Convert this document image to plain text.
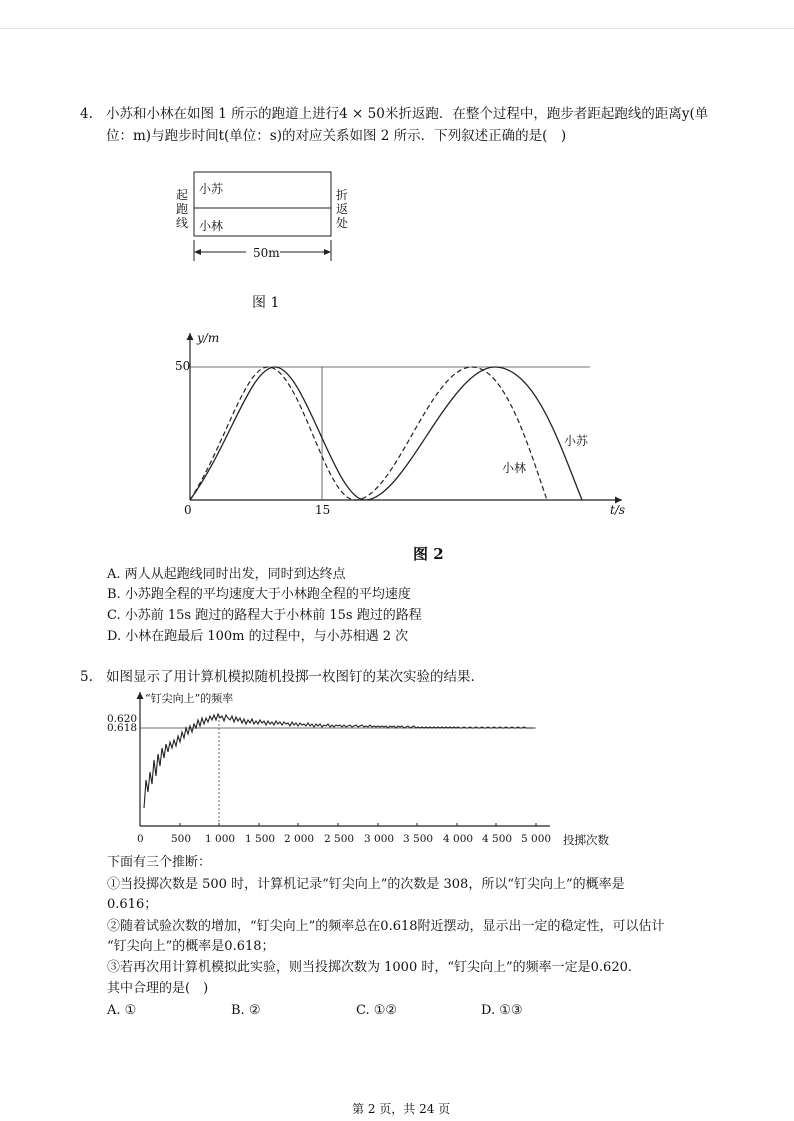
4. 小苏和小林在如图 1 所示的跑道上进行4 × 50米折返跑．在整个过程中，跑步者距起跑线的距离y(单
位：m)与跑步时间t(单位：s)的对应关系如图 2 所示．下列叙述正确的是(　)
起跑线
折返处
小苏
小林
50m
图 1
y/m
50
0	15	t/s
小苏
小林
图 2
A. 两人从起跑线同时出发，同时到达终点
B. 小苏跑全程的平均速度大于小林跑全程的平均速度
C. 小苏前 15s 跑过的路程大于小林前 15s 跑过的路程
D. 小林在跑最后 100m 的过程中，与小苏相遇 2 次
5. 如图显示了用计算机模拟随机投掷一枚图钉的某次实验的结果.
“钉尖向上”的频率
0.620
0.618
0	500 1 000 1 500 2 000 2 500 3 000 3 500 4 000 4 500 5 000 投掷次数
下面有三个推断：
①当投掷次数是 500 时，计算机记录“钉尖向上”的次数是 308，所以“钉尖向上”的概率是
0.616；
②随着试验次数的增加，“钉尖向上”的频率总在0.618附近摆动，显示出一定的稳定性，可以估计
“钉尖向上”的概率是0.618；
③若再次用计算机模拟此实验，则当投掷次数为 1000 时，“钉尖向上”的频率一定是0.620.
其中合理的是(　)
A. ①	B. ②	C. ①②	D. ①③
第 2 页，共 24 页
